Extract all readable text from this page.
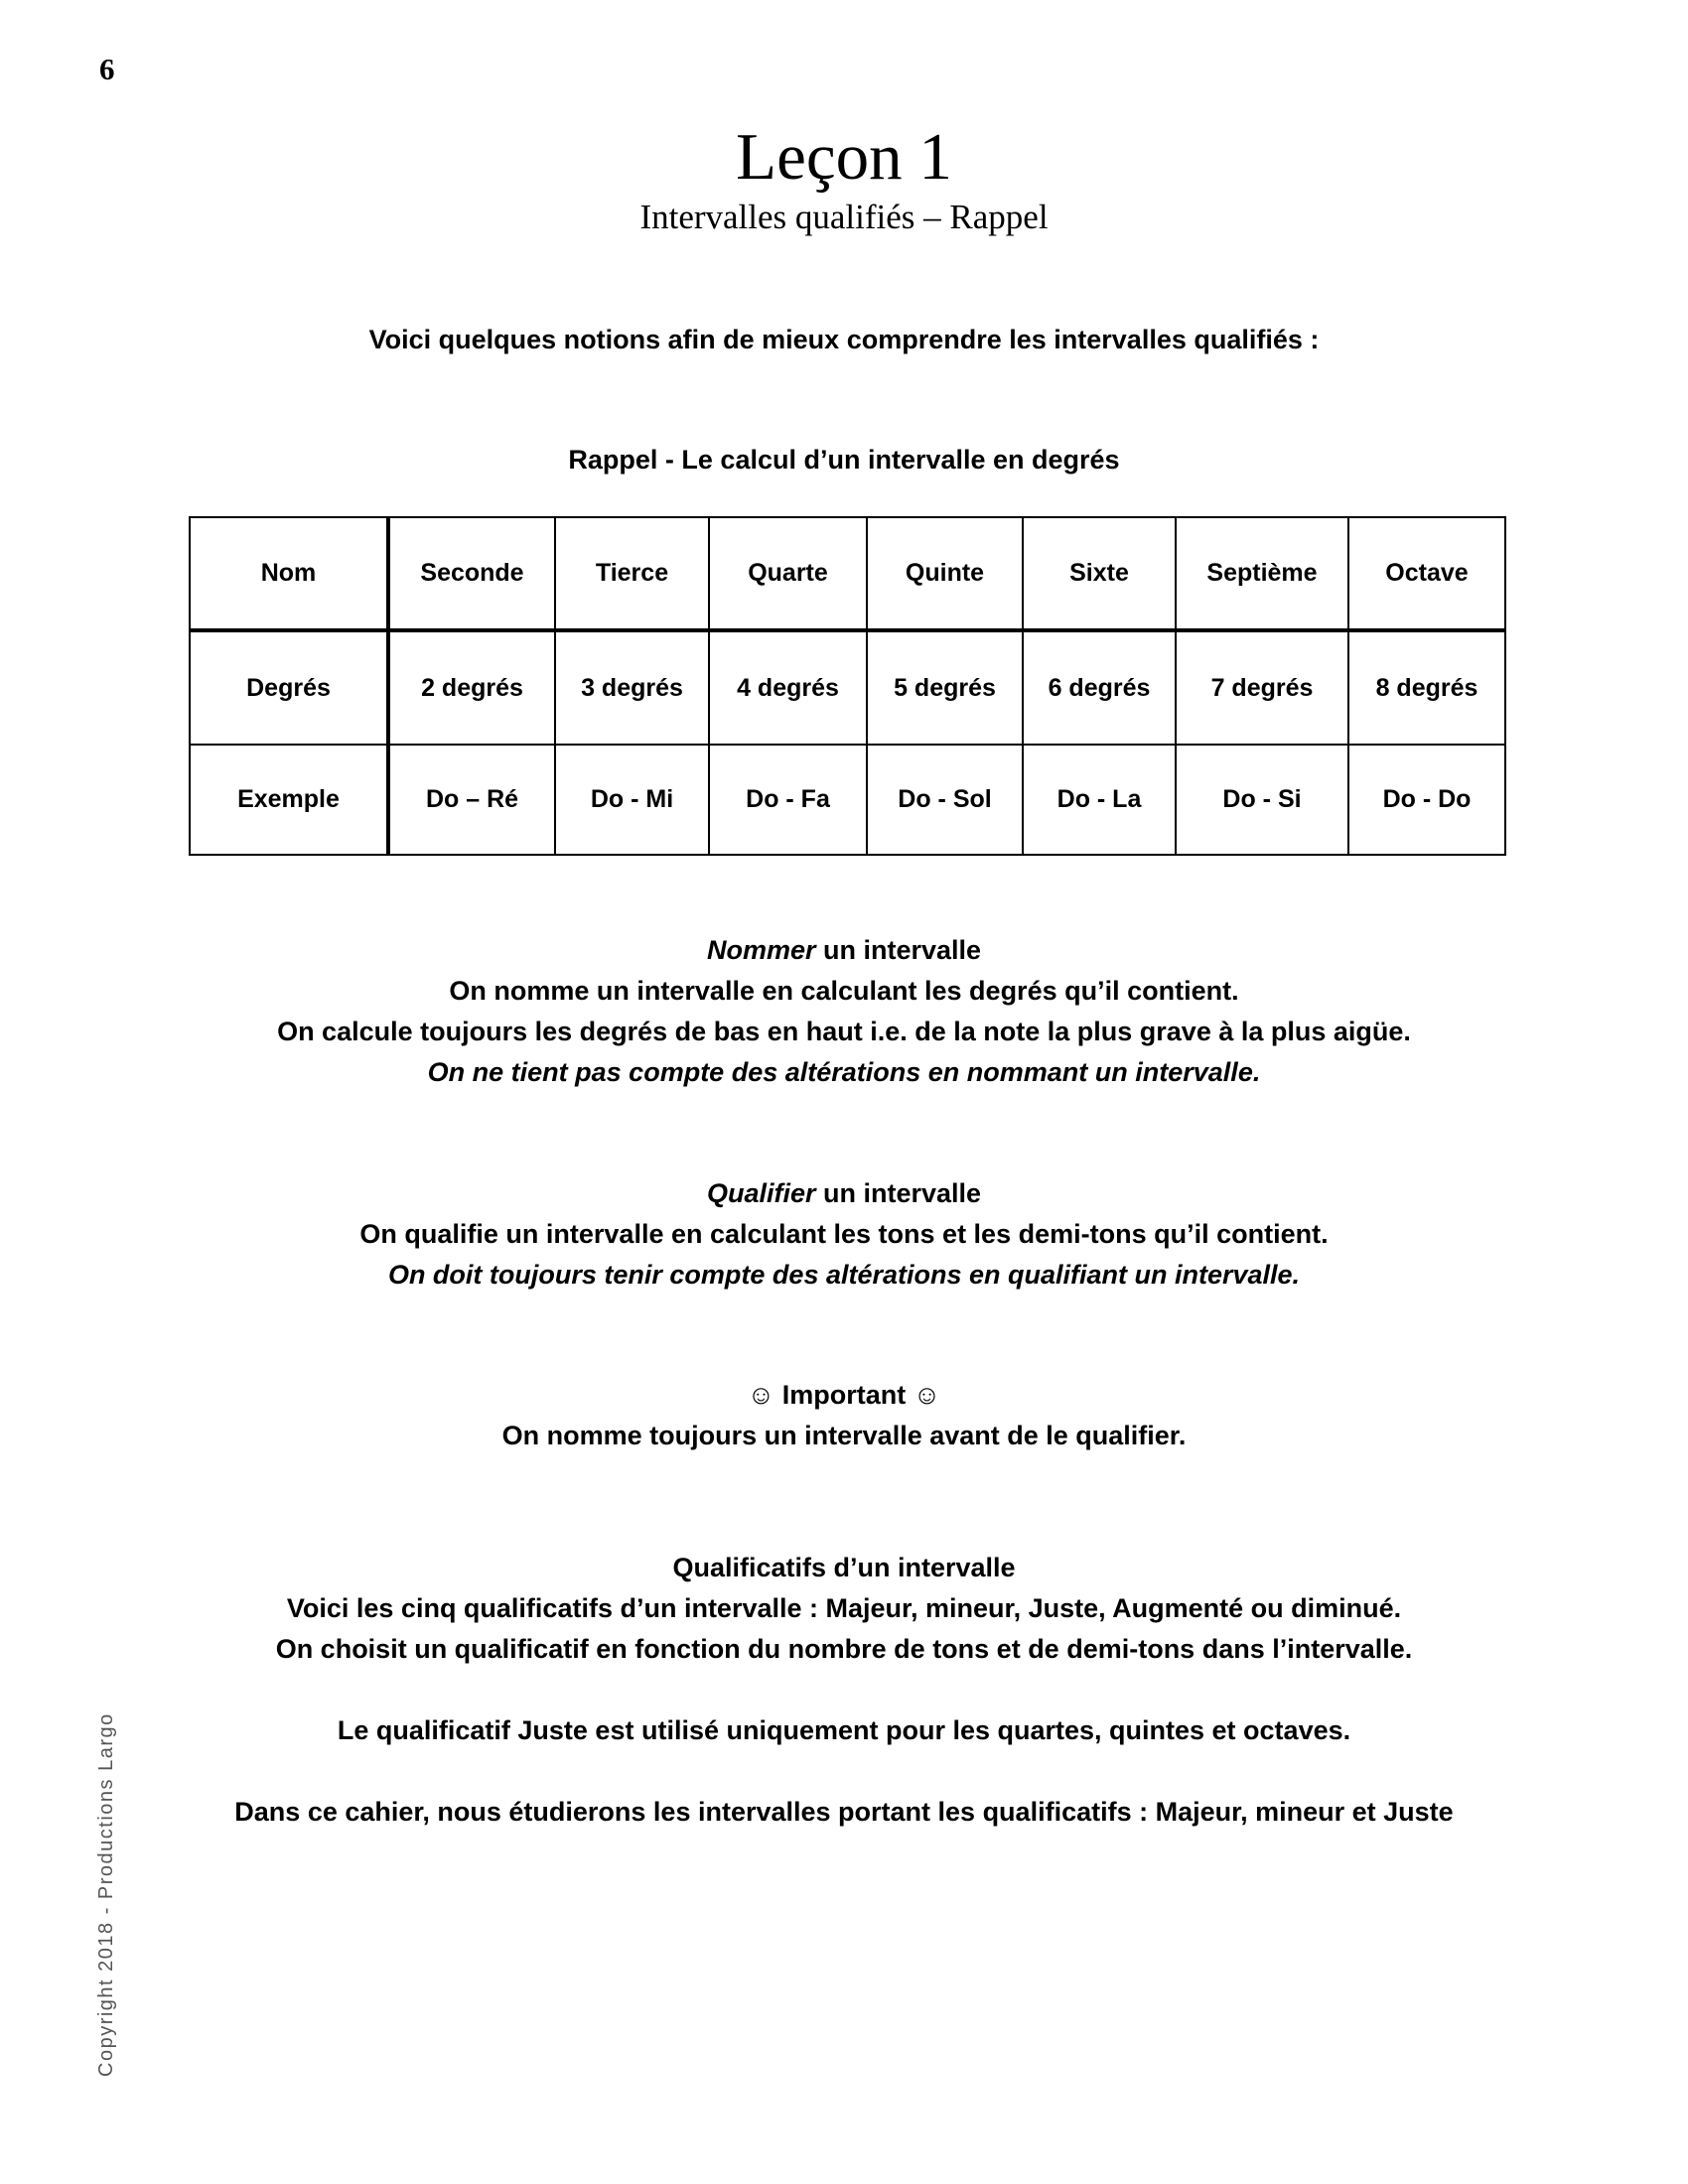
6
Leçon 1
Intervalles qualifiés – Rappel
Voici quelques notions afin de mieux comprendre les intervalles qualifiés :
Rappel - Le calcul d’un intervalle en degrés
Nom	Seconde	Tierce	Quarte	Quinte	Sixte	Septième	Octave
Degrés	2 degrés	3 degrés	4 degrés	5 degrés	6 degrés	7 degrés	8 degrés
Exemple	Do – Ré	Do - Mi	Do - Fa	Do - Sol	Do - La	Do - Si	Do - Do
Nommer un intervalle
On nomme un intervalle en calculant les degrés qu’il contient.
On calcule toujours les degrés de bas en haut i.e. de la note la plus grave à la plus aigüe.
On ne tient pas compte des altérations en nommant un intervalle.
Qualifier un intervalle
On qualifie un intervalle en calculant les tons et les demi-tons qu’il contient.
On doit toujours tenir compte des altérations en qualifiant un intervalle.
☺ Important ☺
On nomme toujours un intervalle avant de le qualifier.
Qualificatifs d’un intervalle
Voici les cinq qualificatifs d’un intervalle : Majeur, mineur, Juste, Augmenté ou diminué.
On choisit un qualificatif en fonction du nombre de tons et de demi-tons dans l’intervalle.
Le qualificatif Juste est utilisé uniquement pour les quartes, quintes et octaves.
Dans ce cahier, nous étudierons les intervalles portant les qualificatifs : Majeur, mineur et Juste
Copyright 2018 - Productions Largo
